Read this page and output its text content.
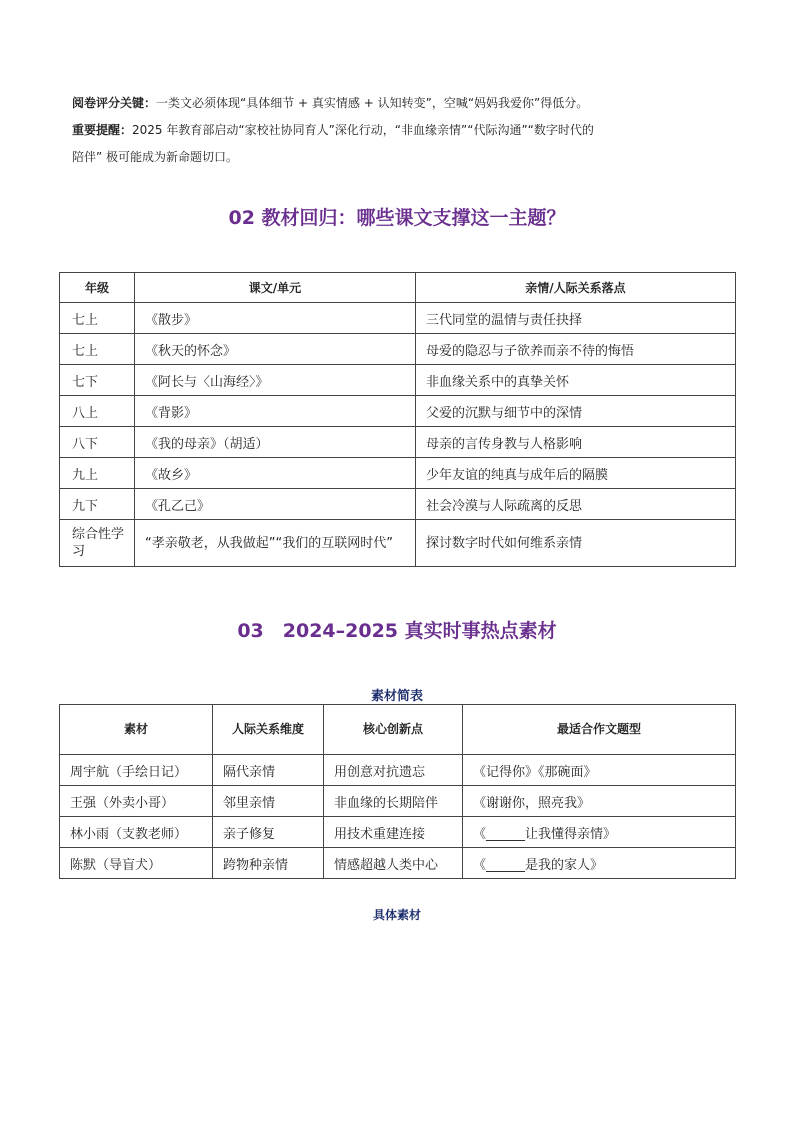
阅卷评分关键：一类文必须体现“具体细节 + 真实情感 + 认知转变”，空喊“妈妈我爱你”得低分。

重要提醒：2025 年教育部启动“家校社协同育人”深化行动，“非血缘亲情”“代际沟通”“数字时代的

陪伴” 极可能成为新命题切口。

02 教材回归：哪些课文支撑这一主题？
年级	课文/单元	亲情/人际关系落点
七上	《散步》	三代同堂的温情与责任抉择
七上	《秋天的怀念》	母爱的隐忍与子欲养而亲不待的悔悟
七下	《阿长与〈山海经〉》	非血缘关系中的真挚关怀
八上	《背影》	父爱的沉默与细节中的深情
八下	《我的母亲》（胡适）	母亲的言传身教与人格影响
九上	《故乡》	少年友谊的纯真与成年后的隔膜
九下	《孔乙己》	社会冷漠与人际疏离的反思
综合性学习	“孝亲敬老，从我做起”“我们的互联网时代”	探讨数字时代如何维系亲情
03　2024–2025 真实时事热点素材
素材简表
素材	人际关系维度	核心创新点	最适合作文题型
周宇航（手绘日记）	隔代亲情	用创意对抗遗忘	《记得你》《那碗面》
王强（外卖小哥）	邻里亲情	非血缘的长期陪伴	《谢谢你，照亮我》
林小雨（支教老师）	亲子修复	用技术重建连接	《______让我懂得亲情》
陈默（导盲犬）	跨物种亲情	情感超越人类中心	《______是我的家人》
具体素材
